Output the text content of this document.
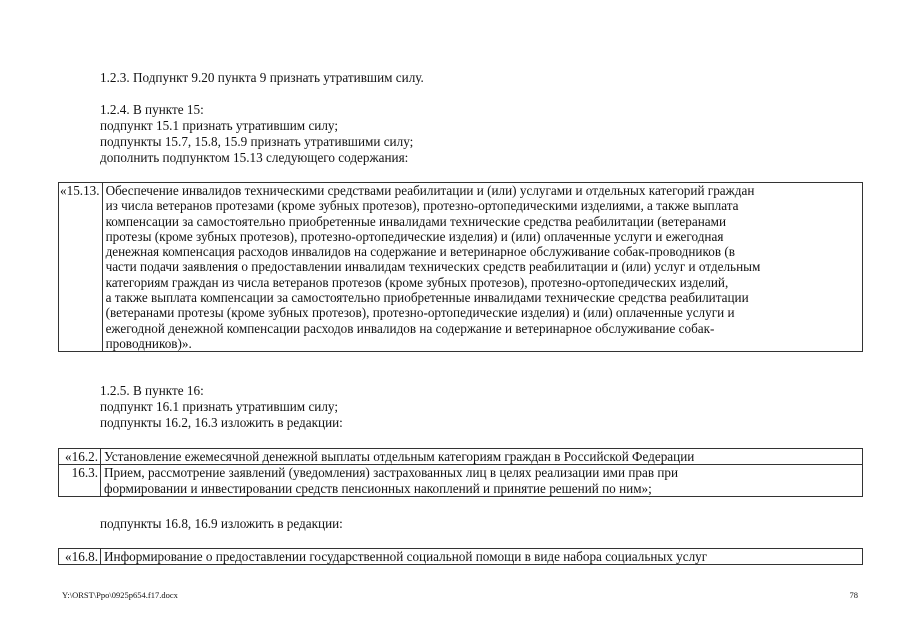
1.2.3. Подпункт 9.20 пункта 9 признать утратившим силу.
1.2.4. В пункте 15:
подпункт 15.1 признать утратившим силу;
подпункты 15.7, 15.8, 15.9 признать утратившими силу;
дополнить подпунктом 15.13 следующего содержания:
«15.13.	Обеспечение инвалидов техническими средствами реабилитации и (или) услугами и отдельных категорий граждан
из числа ветеранов протезами (кроме зубных протезов), протезно-ортопедическими изделиями, а также выплата
компенсации за самостоятельно приобретенные инвалидами технические средства реабилитации (ветеранами
протезы (кроме зубных протезов), протезно-ортопедические изделия) и (или) оплаченные услуги и ежегодная
денежная компенсация расходов инвалидов на содержание и ветеринарное обслуживание собак-проводников (в
части подачи заявления о предоставлении инвалидам технических средств реабилитации и (или) услуг и отдельным
категориям граждан из числа ветеранов протезов (кроме зубных протезов), протезно-ортопедических изделий,
а также выплата компенсации за самостоятельно приобретенные инвалидами технические средства реабилитации
(ветеранами протезы (кроме зубных протезов), протезно-ортопедические изделия) и (или) оплаченные услуги и
ежегодной денежной компенсации расходов инвалидов на содержание и ветеринарное обслуживание собак-
проводников)».
1.2.5. В пункте 16:
подпункт 16.1 признать утратившим силу;
подпункты 16.2, 16.3 изложить в редакции:
«16.2.	Установление ежемесячной денежной выплаты отдельным категориям граждан в Российской Федерации

16.3.	Прием, рассмотрение заявлений (уведомления) застрахованных лиц в целях реализации ими прав при
формировании и инвестировании средств пенсионных накоплений и принятие решений по ним»;
подпункты 16.8, 16.9 изложить в редакции:
«16.8.	Информирование о предоставлении государственной социальной помощи в виде набора социальных услуг
Y:\ORST\Ppo\0925p654.f17.docx	78
